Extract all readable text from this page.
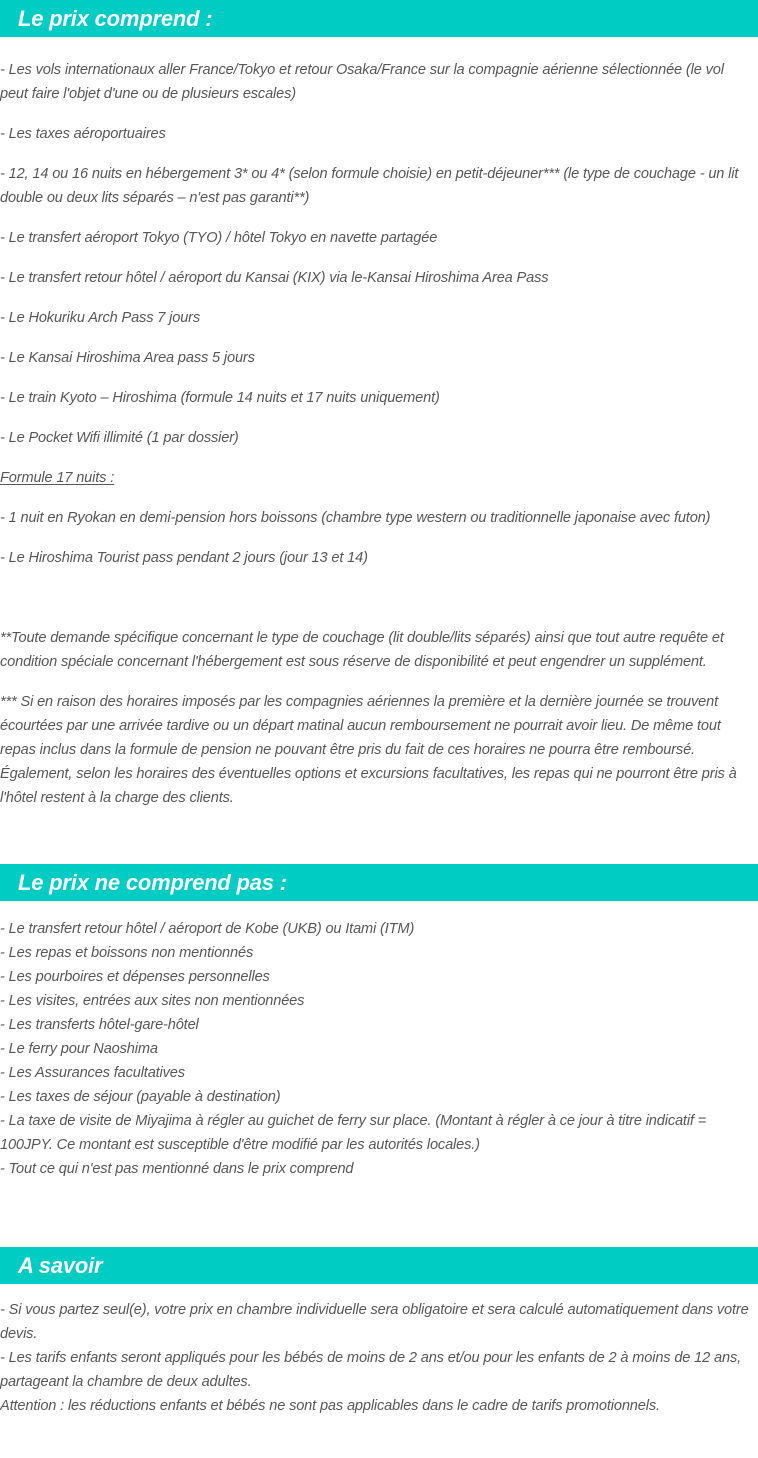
Le prix comprend :

- Les vols internationaux aller France/Tokyo et retour Osaka/France sur la compagnie aérienne sélectionnée (le vol peut faire l'objet d'une ou de plusieurs escales)

- Les taxes aéroportuaires

- 12, 14 ou 16 nuits en hébergement 3* ou 4* (selon formule choisie) en petit-déjeuner*** (le type de couchage - un lit double ou deux lits séparés – n'est pas garanti**)

- Le transfert aéroport Tokyo (TYO) / hôtel Tokyo en navette partagée

- Le transfert retour hôtel / aéroport du Kansai (KIX) via le-Kansai Hiroshima Area Pass

- Le Hokuriku Arch Pass 7 jours

- Le Kansai Hiroshima Area pass 5 jours

- Le train Kyoto – Hiroshima (formule 14 nuits et 17 nuits uniquement)

- Le Pocket Wifi illimité (1 par dossier)

Formule 17 nuits :

- 1 nuit en Ryokan en demi-pension hors boissons (chambre type western ou traditionnelle japonaise avec futon)

- Le Hiroshima Tourist pass pendant 2 jours (jour 13 et 14)

**Toute demande spécifique concernant le type de couchage (lit double/lits séparés) ainsi que tout autre requête et condition spéciale concernant l'hébergement est sous réserve de disponibilité et peut engendrer un supplément.

*** Si en raison des horaires imposés par les compagnies aériennes la première et la dernière journée se trouvent écourtées par une arrivée tardive ou un départ matinal aucun remboursement ne pourrait avoir lieu. De même tout repas inclus dans la formule de pension ne pouvant être pris du fait de ces horaires ne pourra être remboursé. Également, selon les horaires des éventuelles options et excursions facultatives, les repas qui ne pourront être pris à l'hôtel restent à la charge des clients.

Le prix ne comprend pas :

- Le transfert retour hôtel / aéroport de Kobe (UKB) ou Itami (ITM)

- Les repas et boissons non mentionnés

- Les pourboires et dépenses personnelles

- Les visites, entrées aux sites non mentionnées

- Les transferts hôtel-gare-hôtel

- Le ferry pour Naoshima

- Les Assurances facultatives

- Les taxes de séjour (payable à destination)

- La taxe de visite de Miyajima à régler au guichet de ferry sur place. (Montant à régler à ce jour à titre indicatif = 100JPY. Ce montant est susceptible d'être modifié par les autorités locales.)

- Tout ce qui n'est pas mentionné dans le prix comprend

A savoir

- Si vous partez seul(e), votre prix en chambre individuelle sera obligatoire et sera calculé automatiquement dans votre devis.

- Les tarifs enfants seront appliqués pour les bébés de moins de 2 ans et/ou pour les enfants de 2 à moins de 12 ans, partageant la chambre de deux adultes.

Attention : les réductions enfants et bébés ne sont pas applicables dans le cadre de tarifs promotionnels.
